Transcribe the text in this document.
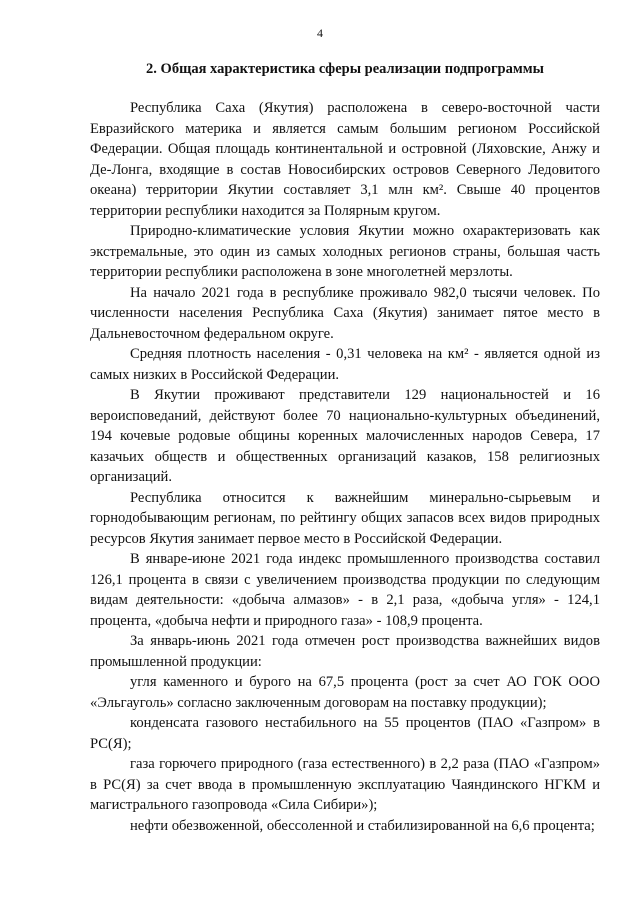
4
2. Общая характеристика сферы реализации подпрограммы

Республика Саха (Якутия) расположена в северо-восточной части Евразийского материка и является самым большим регионом Российской Федерации. Общая площадь континентальной и островной (Ляховские, Анжу и Де-Лонга, входящие в состав Новосибирских островов Северного Ледовитого океана) территории Якутии составляет 3,1 млн км². Свыше 40 процентов территории республики находится за Полярным кругом.

Природно-климатические условия Якутии можно охарактеризовать как экстремальные, это один из самых холодных регионов страны, большая часть территории республики расположена в зоне многолетней мерзлоты.

На начало 2021 года в республике проживало 982,0 тысячи человек. По численности населения Республика Саха (Якутия) занимает пятое место в Дальневосточном федеральном округе.

Средняя плотность населения - 0,31 человека на км² - является одной из самых низких в Российской Федерации.

В Якутии проживают представители 129 национальностей и 16 вероисповеданий, действуют более 70 национально-культурных объединений, 194 кочевые родовые общины коренных малочисленных народов Севера, 17 казачьих обществ и общественных организаций казаков, 158 религиозных организаций.

Республика относится к важнейшим минерально-сырьевым и горнодобывающим регионам, по рейтингу общих запасов всех видов природных ресурсов Якутия занимает первое место в Российской Федерации.

В январе-июне 2021 года индекс промышленного производства составил 126,1 процента в связи с увеличением производства продукции по следующим видам деятельности: «добыча алмазов» - в 2,1 раза, «добыча угля» - 124,1 процента, «добыча нефти и природного газа» - 108,9 процента.

За январь-июнь 2021 года отмечен рост производства важнейших видов промышленной продукции:

угля каменного и бурого на 67,5 процента (рост за счет АО ГОК ООО «Эльгауголь» согласно заключенным договорам на поставку продукции);

конденсата газового нестабильного на 55 процентов (ПАО «Газпром» в РС(Я);

газа горючего природного (газа естественного) в 2,2 раза (ПАО «Газпром» в РС(Я) за счет ввода в промышленную эксплуатацию Чаяндинского НГКМ и магистрального газопровода «Сила Сибири»);

нефти обезвоженной, обессоленной и стабилизированной на 6,6 процента;
